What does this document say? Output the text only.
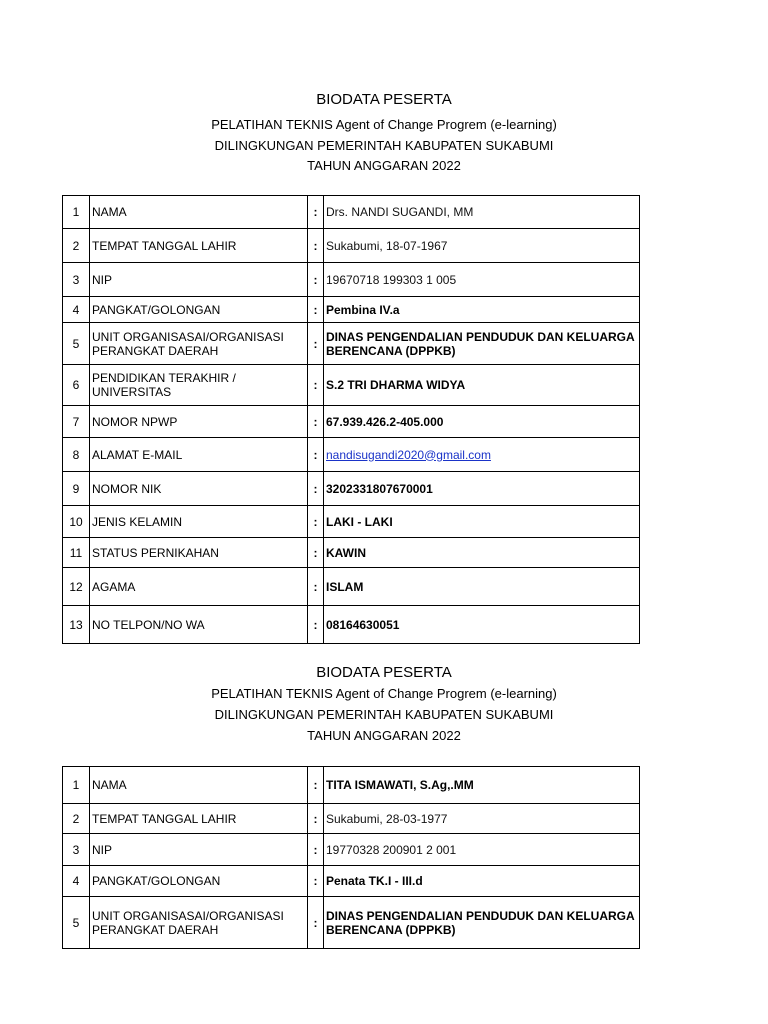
BIODATA PESERTA
PELATIHAN TEKNIS Agent of Change Progrem (e-learning)
DILINGKUNGAN PEMERINTAH KABUPATEN SUKABUMI
TAHUN ANGGARAN 2022
1	NAMA	:	Drs. NANDI SUGANDI, MM
2	TEMPAT TANGGAL LAHIR	:	Sukabumi, 18-07-1967
3	NIP	:	19670718 199303 1 005
4	PANGKAT/GOLONGAN	:	Pembina IV.a
5	UNIT ORGANISASAI/ORGANISASI PERANGKAT DAERAH	:	DINAS PENGENDALIAN PENDUDUK DAN KELUARGA BERENCANA (DPPKB)
6	PENDIDIKAN TERAKHIR / UNIVERSITAS	:	S.2 TRI DHARMA WIDYA
7	NOMOR NPWP	:	67.939.426.2-405.000
8	ALAMAT E-MAIL	:	nandisugandi2020@gmail.com
9	NOMOR NIK	:	3202331807670001
10	JENIS KELAMIN	:	LAKI - LAKI
11	STATUS PERNIKAHAN	:	KAWIN
12	AGAMA	:	ISLAM
13	NO TELPON/NO WA	:	08164630051
BIODATA PESERTA
PELATIHAN TEKNIS Agent of Change Progrem (e-learning)
DILINGKUNGAN PEMERINTAH KABUPATEN SUKABUMI
TAHUN ANGGARAN 2022
1	NAMA	:	TITA ISMAWATI, S.Ag,.MM
2	TEMPAT TANGGAL LAHIR	:	Sukabumi, 28-03-1977
3	NIP	:	19770328 200901 2 001
4	PANGKAT/GOLONGAN	:	Penata TK.I - III.d
5	UNIT ORGANISASAI/ORGANISASI PERANGKAT DAERAH	:	DINAS PENGENDALIAN PENDUDUK DAN KELUARGA BERENCANA (DPPKB)
